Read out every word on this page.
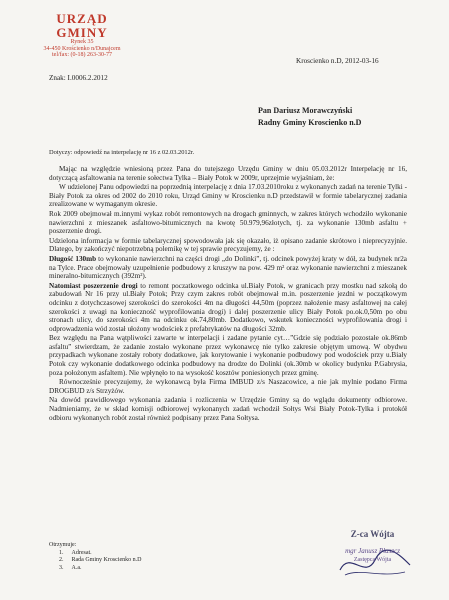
URZĄD GMINY
Rynek 35
34-450 Krościenko n/Dunajcem
tel/fax: (0-18) 263-30-77
Kroscienko n.D, 2012-03-16
Znak: I.0006.2.2012
Pan Dariusz Morawczyński
Radny Gminy Kroscienko n.D
Dotyczy: odpowiedź na interpelację nr 16 z 02.03.2012r.

Mając na względzie wniesioną przez Pana do tutejszego Urzędu Gminy w dniu 05.03.2012r Interpelację nr 16, dotyczącą asfaltowania na terenie sołectwa Tylka – Biały Potok w 2009r, uprzejmie wyjaśniam, że:

W udzielonej Panu odpowiedzi na poprzednią interpelację z dnia 17.03.2010roku z wykonanych zadań na terenie Tylki - Biały Potok za okres od 2002 do 2010 roku, Urząd Gminy w Kroscienku n.D przedstawił w formie tabelarycznej zadania zrealizowane w wymaganym okresie.

Rok 2009 obejmował m.innymi wykaz robót remontowych na drogach gminnych, w zakres których wchodziło wykonanie nawierzchni z mieszanek asfaltowo-bitumicznych na kwotę 50.979,96złotych, tj. za wykonanie 130mb asfaltu + poszerzenie drogi.

Udzielona informacja w formie tabelarycznej spowodowała jak się okazało, iż opisano zadanie skrótowo i nieprecyzyjnie. Dlatego, by zakończyć niepotrzebną polemikę w tej sprawie precyzujemy, że :

Długość 130mb to wykonanie nawierzchni na części drogi „do Dolinki”, tj. odcinek powyżej kraty w dół, za budynek nr2a na Tylce. Prace obejmowały uzupełnienie podbudowy z kruszyw na pow. 429 m² oraz wykonanie nawierzchni z mieszanek mineralno-bitumicznych (392m²).

Natomiast poszerzenie drogi to remont poczatkowego odcinka ul.Biały Potok, w granicach przy mostku nad szkołą do zabudowań Nr 16 przy ul.Biały Potok; Przy czym zakres robót obejmował m.in. poszerzenie jezdni w początkowym odcinku z dotychczasowej szerokości do szerokości 4m na długości 44,50m (poprzez nałożenie masy asfaltowej na całej szerokości z uwagi na konieczność wyprofilowania drogi) i dalej poszerzenie ulicy Biały Potok po.ok.0,50m po obu stronach ulicy, do szerokości 4m na odcinku ok.74,80mb. Dodatkowo, wskutek konieczności wyprofilowania drogi i odprowadzenia wód został ułożony wodościek z prefabrykatów na długości 32mb.

Bez względu na Pana wątpliwości zawarte w interpelacji i zadane pytanie cyt…”Gdzie się podziało pozostałe ok.86mb asfaltu” stwierdzam, że zadanie zostało wykonane przez wykonawcę nie tylko zakresie objętym umową. W obydwu przypadkach wykonane zostały roboty dodatkowe, jak korytowanie i wykonanie podbudowy pod wodościek przy u.Biały Potok czy wykonanie dodatkowego odcinka podbudowy na drodze do Dolinki (ok.30mb w okolicy budynku P.Gabrysia, poza położonym asfaltem). Nie wpłynęło to na wysokość kosztów poniesionych przez gminę.

Równocześnie precyzujemy, że wykonawcą była Firma IMBUD z/s Naszacowice, a nie jak mylnie podano Firma DROGBUD z/s Strzyżów.

Na dowód prawidłowego wykonania zadania i rozliczenia w Urzędzie Gminy są do wglądu dokumenty odbiorowe. Nadmieniamy, że w skład komisji odbiorowej wykonanych zadań wchodził Sołtys Wsi Biały Potok-Tylka i protokół odbioru wykonanych robót został również podpisany przez Pana Sołtysa.

Otrzymuje:
1. Adresat.
2. Rada Gminy Kroscienko n.D
3. A.a.
Z-ca Wójta
mgr Janusz Plaszcz
Zastępca Wójta
